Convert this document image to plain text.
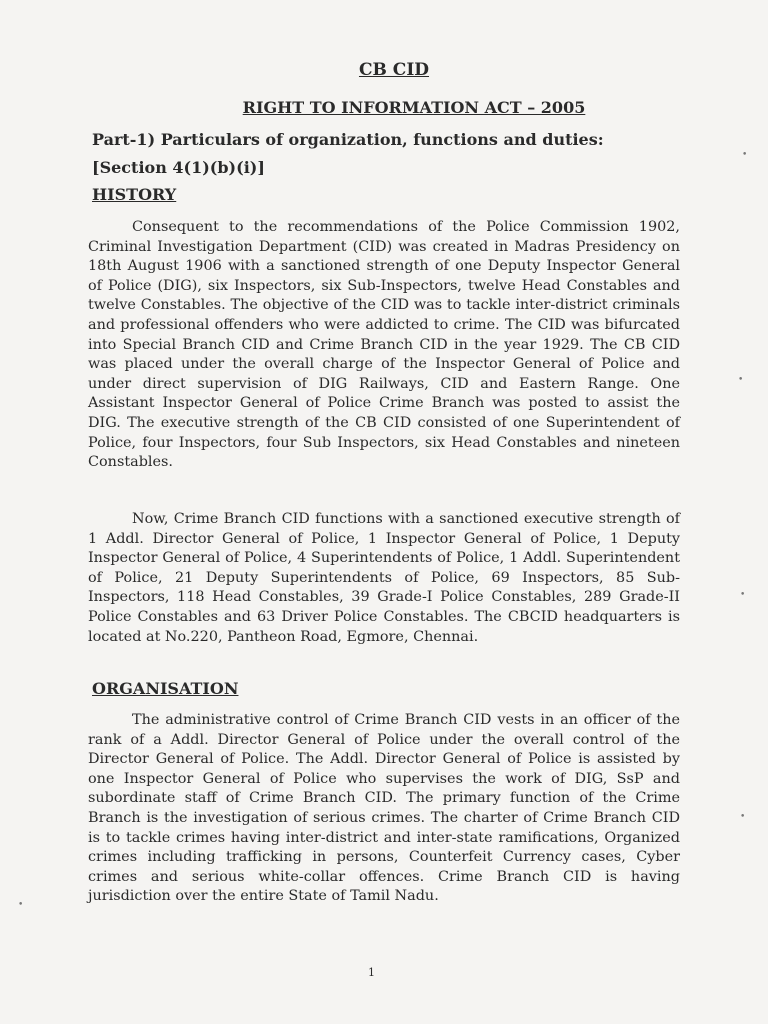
CB CID
RIGHT TO INFORMATION ACT – 2005
Part-1) Particulars of organization, functions and duties:
[Section 4(1)(b)(i)]
HISTORY

Consequent to the recommendations of the Police Commission 1902, Criminal Investigation Department (CID) was created in Madras Presidency on 18th August 1906 with a sanctioned strength of one Deputy Inspector General of Police (DIG), six Inspectors, six Sub-Inspectors, twelve Head Constables and twelve Constables. The objective of the CID was to tackle inter-district criminals and professional offenders who were addicted to crime. The CID was bifurcated into Special Branch CID and Crime Branch CID in the year 1929. The CB CID was placed under the overall charge of the Inspector General of Police and under direct supervision of DIG Railways, CID and Eastern Range. One Assistant Inspector General of Police Crime Branch was posted to assist the DIG. The executive strength of the CB CID consisted of one Superintendent of Police, four Inspectors, four Sub Inspectors, six Head Constables and nineteen Constables.

Now, Crime Branch CID functions with a sanctioned executive strength of 1 Addl. Director General of Police, 1 Inspector General of Police, 1 Deputy Inspector General of Police, 4 Superintendents of Police, 1 Addl. Superintendent of Police, 21 Deputy Superintendents of Police, 69 Inspectors, 85 Sub-Inspectors, 118 Head Constables, 39 Grade-I Police Constables, 289 Grade-II Police Constables and 63 Driver Police Constables. The CBCID headquarters is located at No.220, Pantheon Road, Egmore, Chennai.

ORGANISATION

The administrative control of Crime Branch CID vests in an officer of the rank of a Addl. Director General of Police under the overall control of the Director General of Police. The Addl. Director General of Police is assisted by one Inspector General of Police who supervises the work of DIG, SsP and subordinate staff of Crime Branch CID. The primary function of the Crime Branch is the investigation of serious crimes. The charter of Crime Branch CID is to tackle crimes having inter-district and inter-state ramifications, Organized crimes including trafficking in persons, Counterfeit Currency cases, Cyber crimes and serious white-collar offences. Crime Branch CID is having jurisdiction over the entire State of Tamil Nadu.

1
•
•
•
•
•
